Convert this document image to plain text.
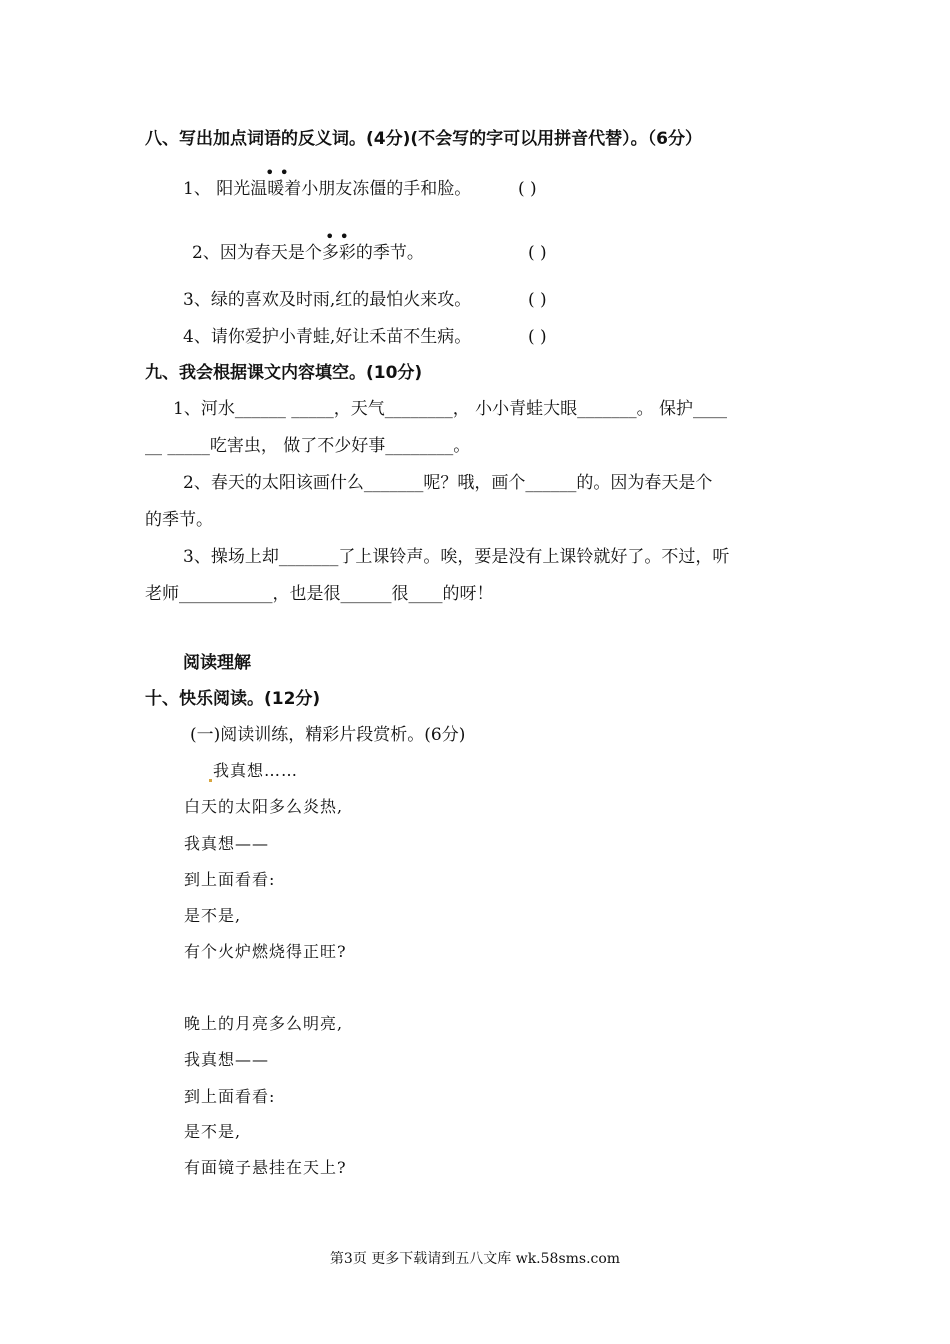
八、写出加点词语的反义词。(4分)(不会写的字可以用拼音代替）。（6分）
• •
1、 阳光温暖着小朋友冻僵的手和脸。	( )
• •
2、因为春天是个多彩的季节。	( )
3、绿的喜欢及时雨,红的最怕火来攻。	( )
4、请你爱护小青蛙,好让禾苗不生病。	( )
九、我会根据课文内容填空。(10分)
1、河水______ _____，天气________， 小小青蛙大眼_______。 保护____
__ _____吃害虫， 做了不少好事________。
2、春天的太阳该画什么_______呢？哦，画个______的。因为春天是个
的季节。
3、操场上却_______了上课铃声。唉，要是没有上课铃就好了。不过，听
老师___________，也是很______很____的呀！
阅读理解
十、快乐阅读。(12分)
(一)阅读训练，精彩片段赏析。(6分)
我真想……
白天的太阳多么炎热,
我真想——
到上面看看:
是不是,
有个火炉燃烧得正旺?
晚上的月亮多么明亮,
我真想——
到上面看看:
是不是,
有面镜子悬挂在天上?
第3页 更多下载请到五八文库 wk.58sms.com
